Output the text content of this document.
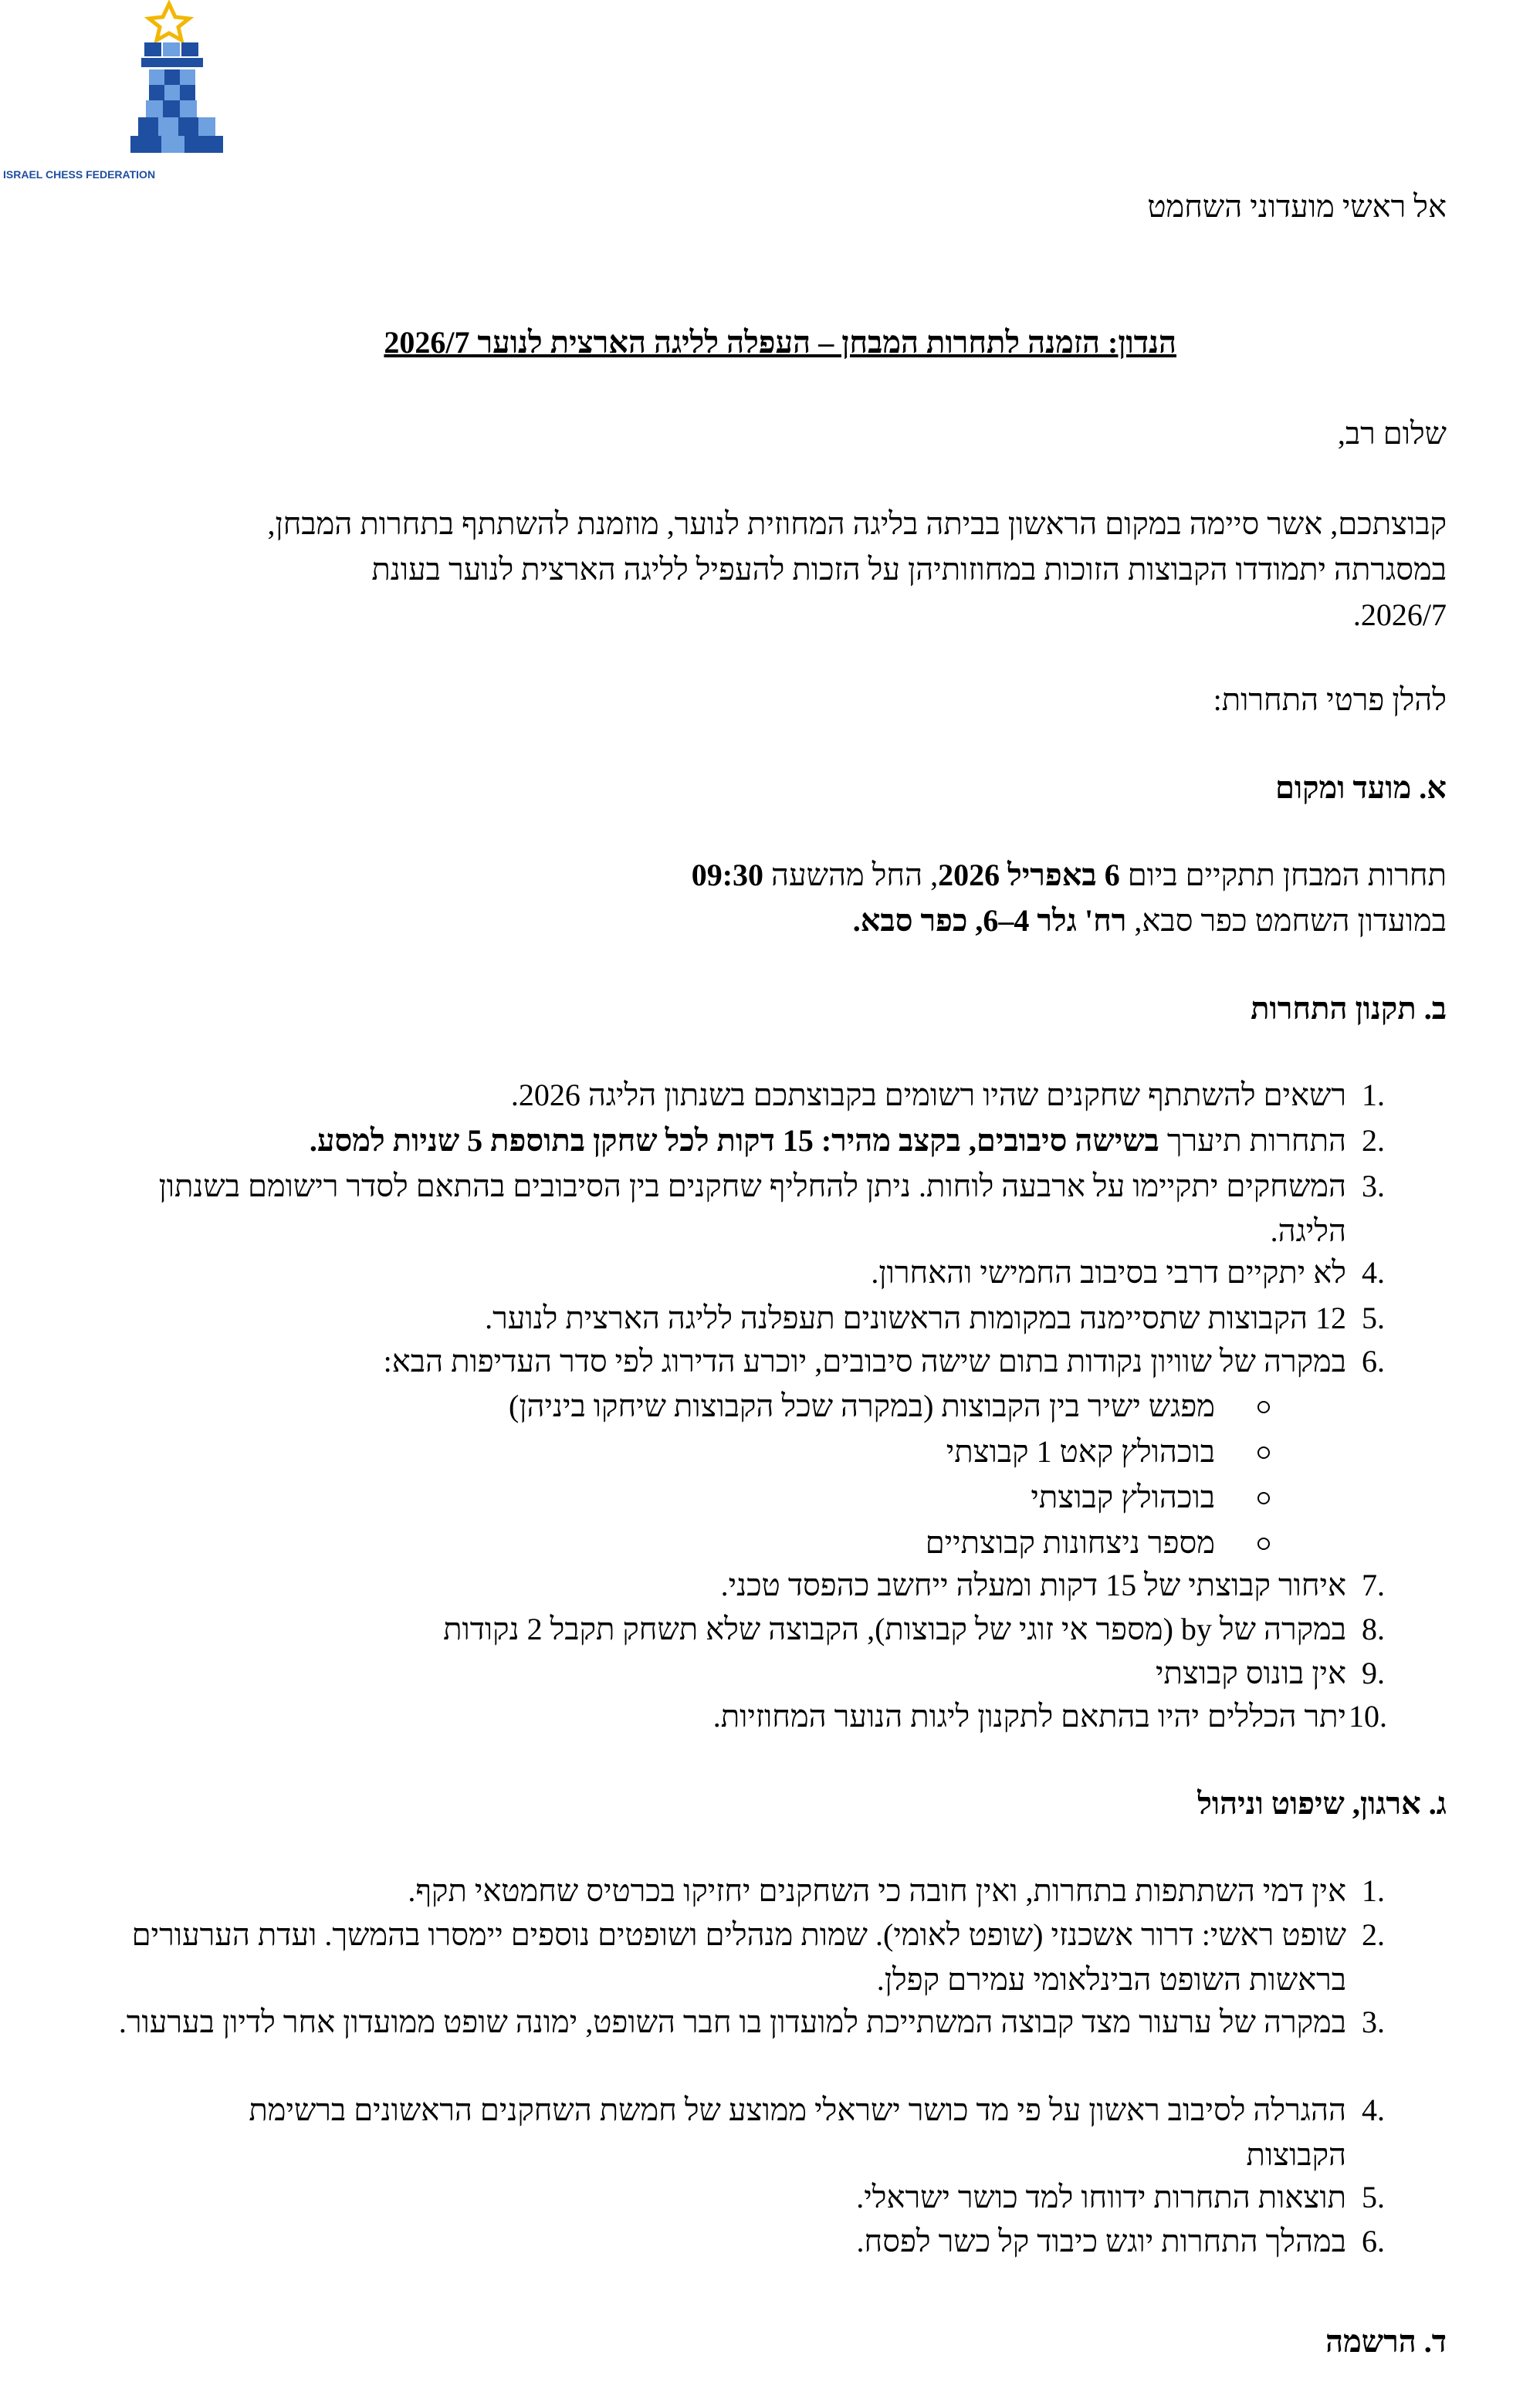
ISRAEL CHESS FEDERATION
אל ראשי מועדוני השחמט
הנדון: הזמנה לתחרות המבחן – העפלה לליגה הארצית לנוער 2026/7
שלום רב,
קבוצתכם, אשר סיימה במקום הראשון בביתה בליגה המחוזית לנוער, מוזמנת להשתתף בתחרות המבחן,
במסגרתה יתמודדו הקבוצות הזוכות במחוזותיהן על הזכות להעפיל לליגה הארצית לנוער בעונת
2026/7.
להלן פרטי התחרות:
א. מועד ומקום
תחרות המבחן תתקיים ביום 6 באפריל 2026, החל מהשעה 09:30
במועדון השחמט כפר סבא, רח' גלר 4–6, כפר סבא.
ב. תקנון התחרות
1.
רשאים להשתתף שחקנים שהיו רשומים בקבוצתכם בשנתון הליגה 2026.
2.
התחרות תיערך בשישה סיבובים, בקצב מהיר: 15 דקות לכל שחקן בתוספת 5 שניות למסע.
3.
המשחקים יתקיימו על ארבעה לוחות. ניתן להחליף שחקנים בין הסיבובים בהתאם לסדר רישומם בשנתון הליגה.
4.
לא יתקיים דרבי בסיבוב החמישי והאחרון.
5.
12 הקבוצות שתסיימנה במקומות הראשונים תעפלנה לליגה הארצית לנוער.
6.
במקרה של שוויון נקודות בתום שישה סיבובים, יוכרע הדירוג לפי סדר העדיפות הבא:
מפגש ישיר בין הקבוצות (במקרה שכל הקבוצות שיחקו ביניהן)
בוכהולץ קאט 1 קבוצתי
בוכהולץ קבוצתי
מספר ניצחונות קבוצתיים
7.
איחור קבוצתי של 15 דקות ומעלה ייחשב כהפסד טכני.
8.
במקרה של by (מספר אי זוגי של קבוצות), הקבוצה שלא תשחק תקבל 2 נקודות
9.
אין בונוס קבוצתי
10.
יתר הכללים יהיו בהתאם לתקנון ליגות הנוער המחוזיות.
ג. ארגון, שיפוט וניהול
1.
אין דמי השתתפות בתחרות, ואין חובה כי השחקנים יחזיקו בכרטיס שחמטאי תקף.
2.
שופט ראשי: דרור אשכנזי (שופט לאומי). שמות מנהלים ושופטים נוספים יימסרו בהמשך. ועדת הערעורים בראשות השופט הבינלאומי עמירם קפלן.
3.
במקרה של ערעור מצד קבוצה המשתייכת למועדון בו חבר השופט, ימונה שופט ממועדון אחר לדיון בערעור.
4.
ההגרלה לסיבוב ראשון על פי מד כושר ישראלי ממוצע של חמשת השחקנים הראשונים ברשימת הקבוצות
5.
תוצאות התחרות ידווחו למד כושר ישראלי.
6.
במהלך התחרות יוגש כיבוד קל כשר לפסח.
ד. הרשמה
